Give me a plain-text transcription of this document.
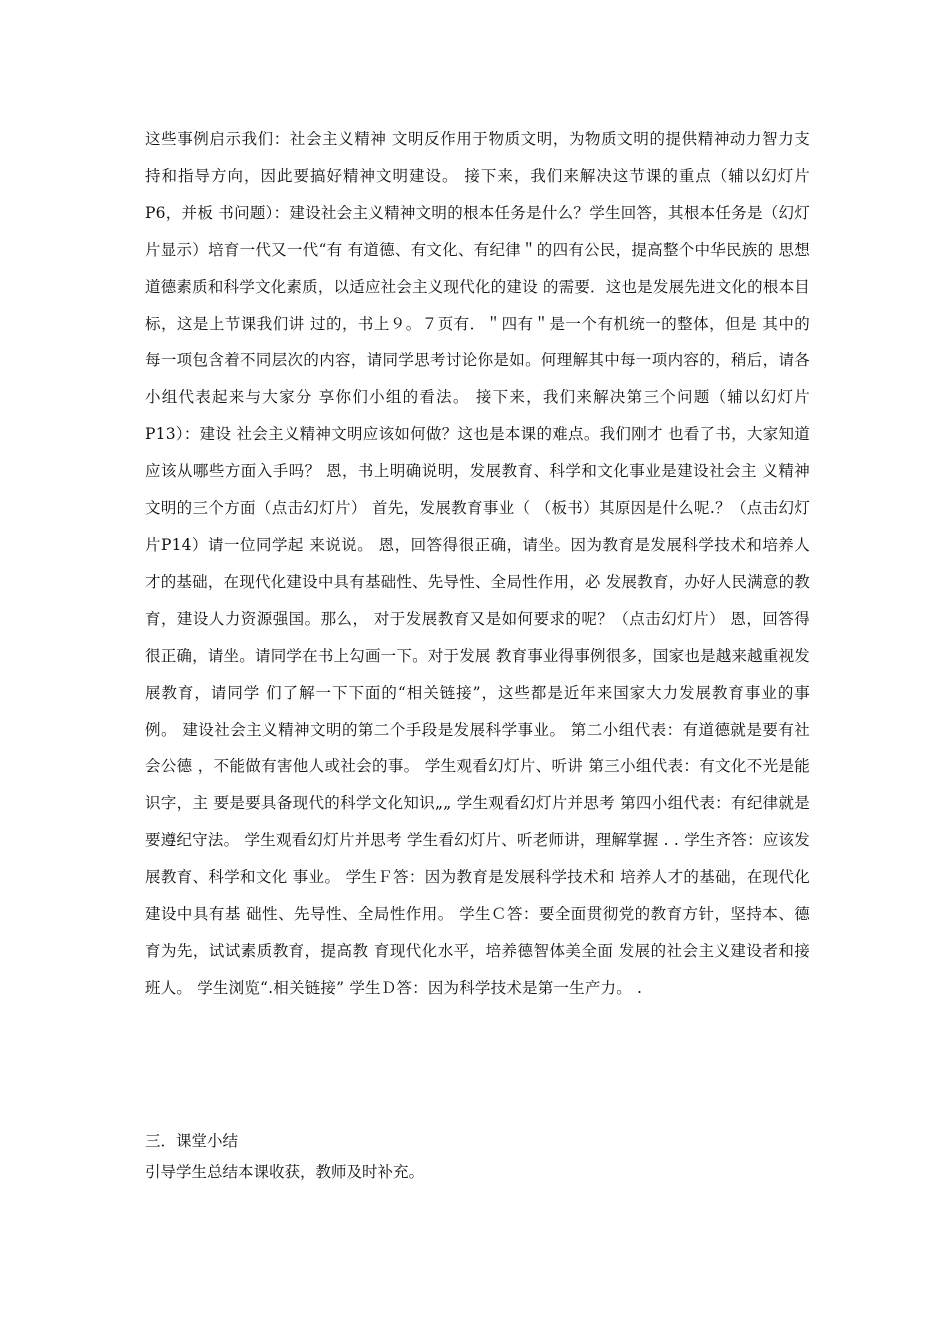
这些事例启示我们：社会主义精神 文明反作用于物质文明，为物质文明的提供精神动力智力支 持和指导方向，因此要搞好精神文明建设。 接下来，我们来解决这节课的重点（辅以幻灯片P6，并板 书问题）：建设社会主义精神文明的根本任务是什么？学生回答，其根本任务是（幻灯片显示）培育一代又一代“有 有道德、有文化、有纪律＂的四有公民，提高整个中华民族的 思想道德素质和科学文化素质，以适应社会主义现代化的建设 的需要．这也是发展先进文化的根本目标，这是上节课我们讲 过的，书上９。７页有．＂四有＂是一个有机统一的整体，但是 其中的每一项包含着不同层次的内容，请同学思考讨论你是如。何理解其中每一项内容的，稍后，请各小组代表起来与大家分 享你们小组的看法。 接下来，我们来解决第三个问题（辅以幻灯片P13）：建设 社会主义精神文明应该如何做？这也是本课的难点。我们刚才 也看了书，大家知道应该从哪些方面入手吗？ 恩，书上明确说明，发展教育、科学和文化事业是建设社会主 义精神文明的三个方面（点击幻灯片） 首先，发展教育事业（ （板书）其原因是什么呢.？（点击幻灯片P14）请一位同学起 来说说。 恩，回答得很正确，请坐。因为教育是发展科学技术和培养人 才的基础，在现代化建设中具有基础性、先导性、全局性作用，必 发展教育，办好人民满意的教育，建设人力资源强国。那么， 对于发展教育又是如何要求的呢？（点击幻灯片） 恩，回答得很正确，请坐。请同学在书上勾画一下。对于发展 教育事业得事例很多，国家也是越来越重视发展教育，请同学 们了解一下下面的“相关链接”，这些都是近年来国家大力发展教育事业的事例。 建设社会主义精神文明的第二个手段是发展科学事业。 第二小组代表：有道德就是要有社会公德 ，不能做有害他人或社会的事。 学生观看幻灯片、听讲 第三小组代表：有文化不光是能识字，主 要是要具备现代的科学文化知识„„ 学生观看幻灯片并思考 第四小组代表：有纪律就是要遵纪守法。 学生观看幻灯片并思考 学生看幻灯片、听老师讲，理解掌握 . . 学生齐答：应该发展教育、科学和文化 事业。 学生Ｆ答：因为教育是发展科学技术和 培养人才的基础，在现代化建设中具有基 础性、先导性、全局性作用。 学生Ｃ答：要全面贯彻党的教育方针，坚持本、德育为先，试试素质教育，提高教 育现代化水平，培养德智体美全面 发展的社会主义建设者和接班人。 学生浏览“.相关链接” 学生Ｄ答：因为科学技术是第一生产力。 .

三．课堂小结

引导学生总结本课收获，教师及时补充。
